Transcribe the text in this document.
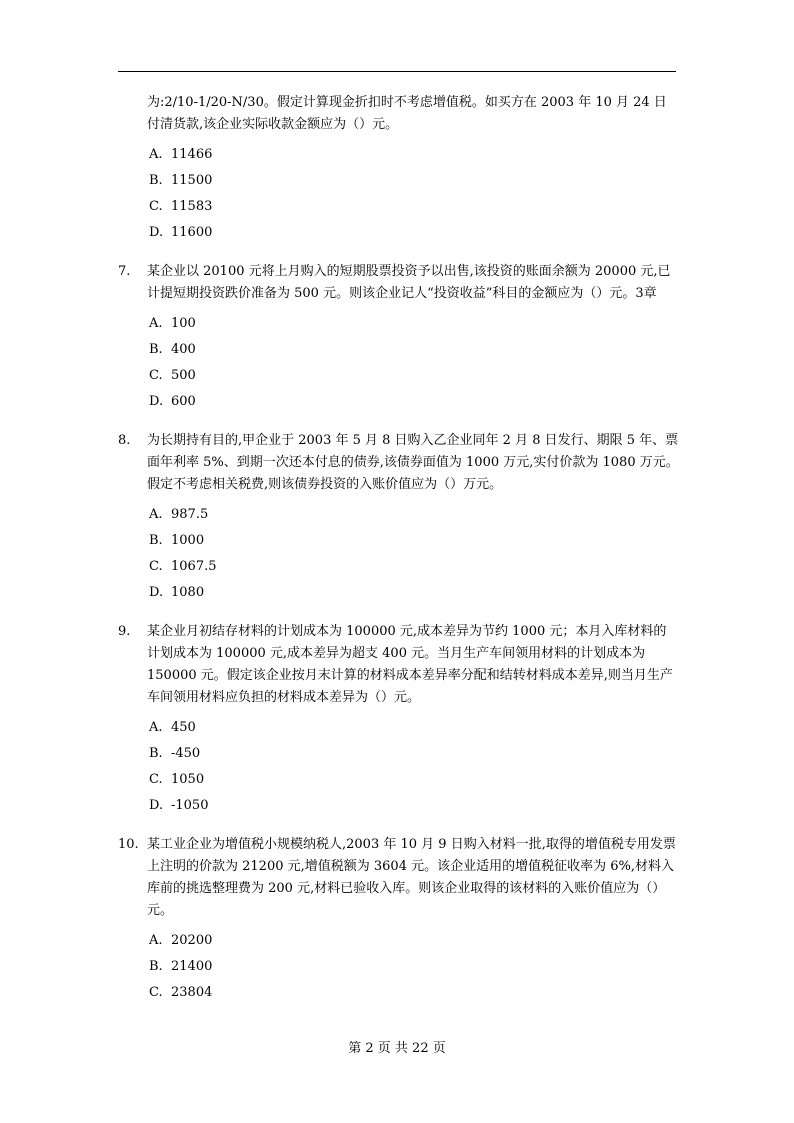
为:2/10-1/20-N/30。假定计算现金折扣时不考虑增值税。如买方在 2003 年 10 月 24 日付清货款,该企业实际收款金额应为（）元。
A. 11466
B. 11500
C. 11583
D. 11600
7.	某企业以 20100 元将上月购入的短期股票投资予以出售,该投资的账面余额为 20000 元,已计提短期投资跌价准备为 500 元。则该企业记人“投资收益”科目的金额应为（）元。3章
A. 100
B. 400
C. 500
D. 600
8.	为长期持有目的,甲企业于 2003 年 5 月 8 日购入乙企业同年 2 月 8 日发行、期限 5 年、票面年利率 5%、到期一次还本付息的债券,该债券面值为 1000 万元,实付价款为 1080 万元。假定不考虑相关税费,则该债券投资的入账价值应为（）万元。
A. 987.5
B. 1000
C. 1067.5
D. 1080
9.	某企业月初结存材料的计划成本为 100000 元,成本差异为节约 1000 元；本月入库材料的计划成本为 100000 元,成本差异为超支 400 元。当月生产车间领用材料的计划成本为 150000 元。假定该企业按月末计算的材料成本差异率分配和结转材料成本差异,则当月生产车间领用材料应负担的材料成本差异为（）元。
A. 450
B. -450
C. 1050
D. -1050
10. 某工业企业为增值税小规模纳税人,2003 年 10 月 9 日购入材料一批,取得的增值税专用发票上注明的价款为 21200 元,增值税额为 3604 元。该企业适用的增值税征收率为 6%,材料入库前的挑选整理费为 200 元,材料已验收入库。则该企业取得的该材料的入账价值应为（）元。
A. 20200
B. 21400
C. 23804
第 2 页 共 22 页
